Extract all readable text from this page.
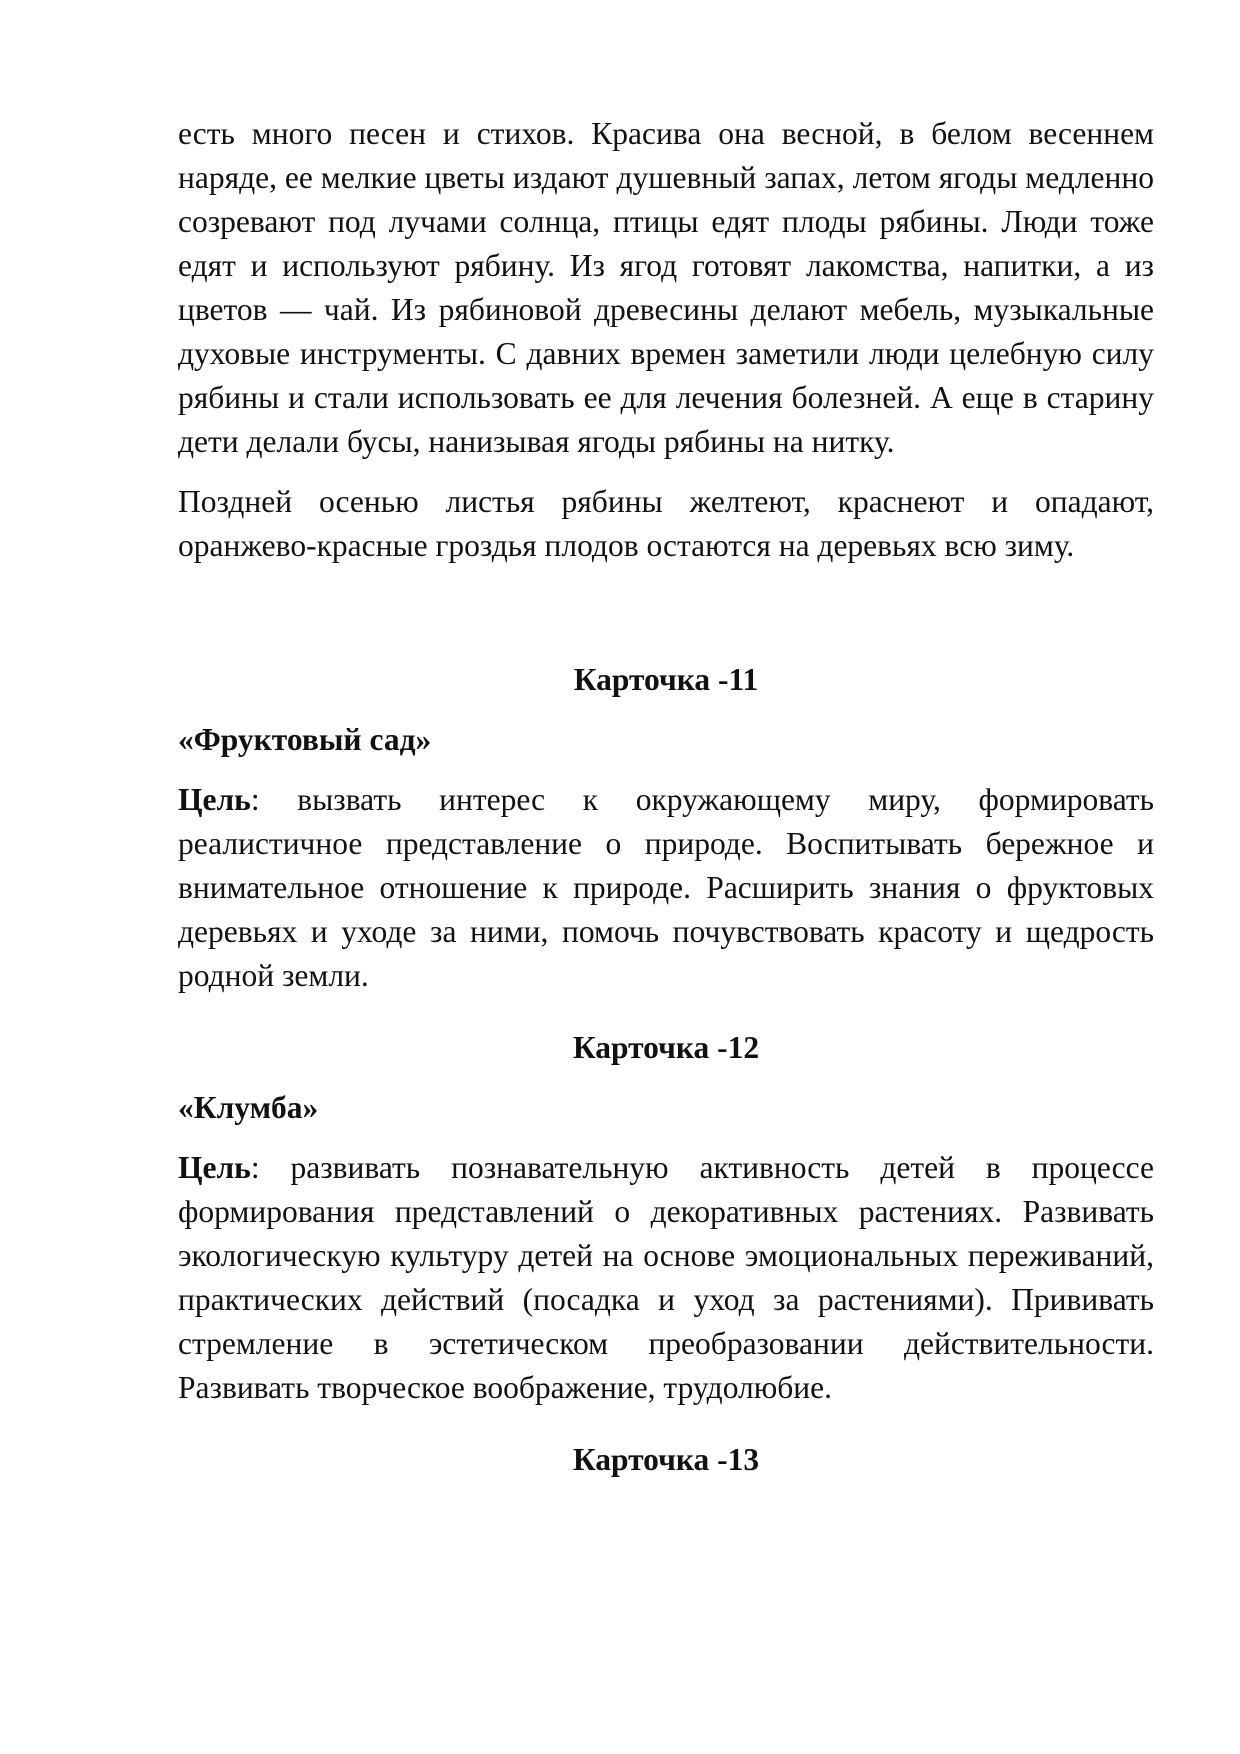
есть много песен и стихов. Красива она весной, в белом весеннем наряде, ее мелкие цветы издают душевный запах, летом ягоды медленно созревают под лучами солнца, птицы едят плоды рябины. Люди тоже едят и используют рябину. Из ягод готовят лакомства, напитки, а из цветов — чай. Из рябиновой древесины делают мебель, музыкальные духовые инструменты. С давних времен заметили люди целебную силу рябины и стали использовать ее для лечения болезней. А еще в старину дети делали бусы, нанизывая ягоды рябины на нитку.

Поздней осенью листья рябины желтеют, краснеют и опадают, оранжево-красные гроздья плодов остаются на деревьях всю зиму.

Карточка -11

«Фруктовый сад»

Цель: вызвать интерес к окружающему миру, формировать реалистичное представление о природе. Воспитывать бережное и внимательное отношение к природе. Расширить знания о фруктовых деревьях и уходе за ними, помочь почувствовать красоту и щедрость родной земли.

Карточка -12

«Клумба»

Цель: развивать познавательную активность детей в процессе формирования представлений о декоративных растениях. Развивать экологическую культуру детей на основе эмоциональных переживаний, практических действий (посадка и уход за растениями). Прививать стремление в эстетическом преобразовании действительности. Развивать творческое воображение, трудолюбие.

Карточка -13
